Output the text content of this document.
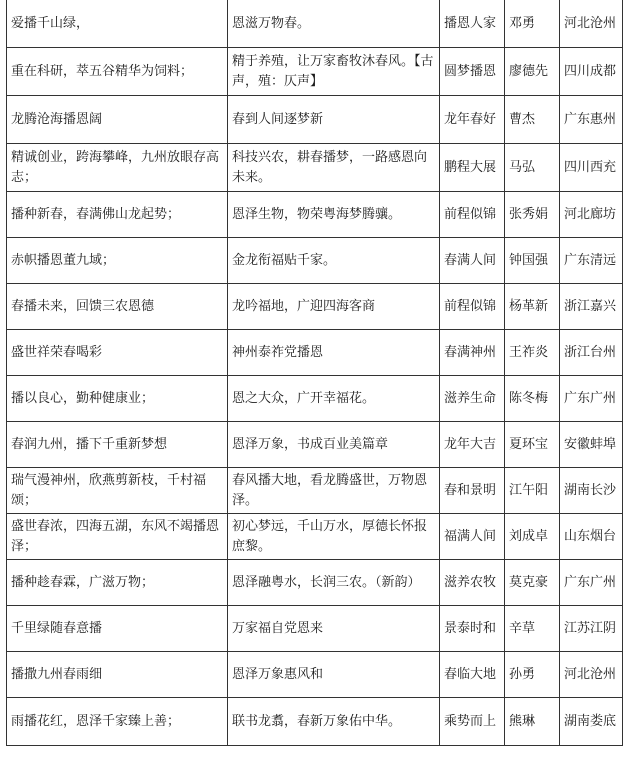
爱播千山绿，	恩滋万物春。	播恩人家	邓勇	河北沧州
重在科研，萃五谷精华为饲料；	精于养殖，让万家畜牧沐春风。【古声，殖：仄声】	圆梦播恩	廖德先	四川成都
龙腾沧海播恩阔	春到人间逐梦新	龙年春好	曹杰	广东惠州
精诚创业，跨海攀峰，九州放眼存高志；	科技兴农，耕春播梦，一路感恩向未来。	鹏程大展	马弘	四川西充
播种新春，春满佛山龙起势；	恩泽生物，物荣粤海梦腾骧。	前程似锦	张秀娟	河北廊坊
赤帜播恩董九域；	金龙衔福贴千家。	春满人间	钟国强	广东清远
春播未来，回馈三农恩德	龙吟福地，广迎四海客商	前程似锦	杨革新	浙江嘉兴
盛世祥荣春喝彩	神州泰祚党播恩	春满神州	王祚炎	浙江台州
播以良心，勤种健康业；	恩之大众，广开幸福花。	滋养生命	陈冬梅	广东广州
春润九州，播下千重新梦想	恩泽万象，书成百业美篇章	龙年大吉	夏环宝	安徽蚌埠
瑞气漫神州，欣燕剪新枝，千村福颂；	春风播大地，看龙腾盛世，万物恩泽。	春和景明	江午阳	湖南长沙
盛世春浓，四海五湖，东风不竭播恩泽；	初心梦远，千山万水，厚德长怀报庶黎。	福满人间	刘成卓	山东烟台
播种趁春霖，广滋万物；	恩泽融粤水，长润三农。（新韵）	滋养农牧	莫克豪	广东广州
千里绿随春意播	万家福自党恩来	景泰时和	辛草	江苏江阴
播撒九州春雨细	恩泽万象惠风和	春临大地	孙勇	河北沧州
雨播花红，恩泽千家臻上善；	联书龙翥，春新万象佑中华。	乘势而上	熊琳	湖南娄底
